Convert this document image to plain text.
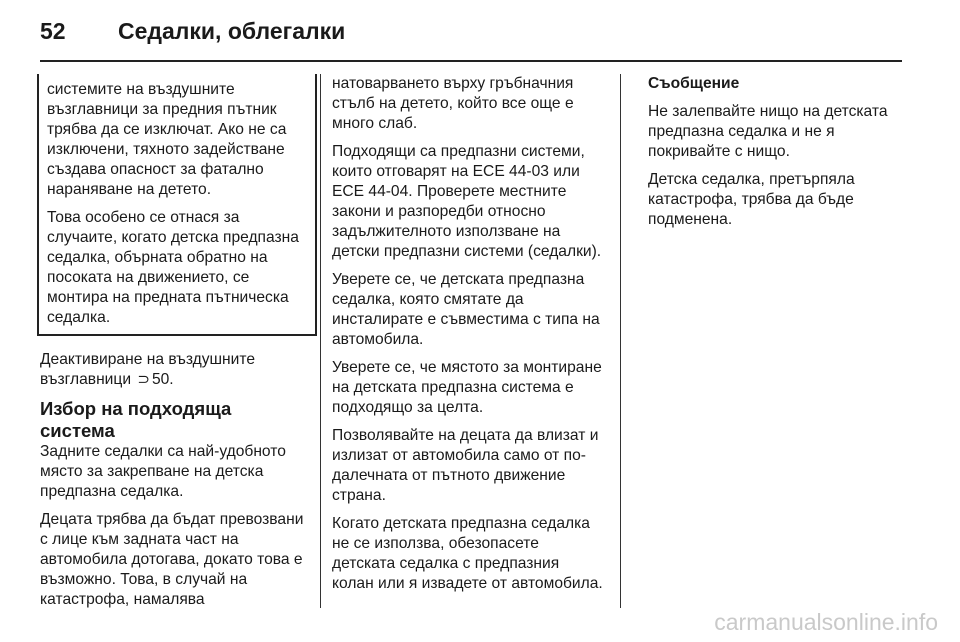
52	Седалки, облегалки

системите на въздушните възглавници за предния пътник трябва да се изключат. Ако не са изключени, тяхното задействане създава опасност за фатално нараняване на детето.

Това особено се отнася за случаите, когато детска предпазна седалка, обърната обратно на посоката на движението, се монтира на предната пътническа седалка.

Деактивиране на въздушните възглавници ⊃ 50.

Избор на подходяща система

Задните седалки са най-удобното място за закрепване на детска предпазна седалка.

Децата трябва да бъдат превозвани с лице към задната част на автомобила дотогава, докато това е възможно. Това, в случай на катастрофа, намалява

натоварването върху гръбначния стълб на детето, който все още е много слаб.

Подходящи са предпазни системи, които отговарят на ECE 44-03 или ECE 44-04. Проверете местните закони и разпоредби относно задължителното използване на детски предпазни системи (седалки).

Уверете се, че детската предпазна седалка, която смятате да инсталирате е съвместима с типа на автомобила.

Уверете се, че мястото за монтиране на детската предпазна система е подходящо за целта.

Позволявайте на децата да влизат и излизат от автомобила само от по-далечната от пътното движение страна.

Когато детската предпазна седалка не се използва, обезопасете детската седалка с предпазния колан или я извадете от автомобила.

Съобщение

Не залепвайте нищо на детската предпазна седалка и не я покривайте с нищо.

Детска седалка, претърпяла катастрофа, трябва да бъде подменена.

carmanualsonline.info
